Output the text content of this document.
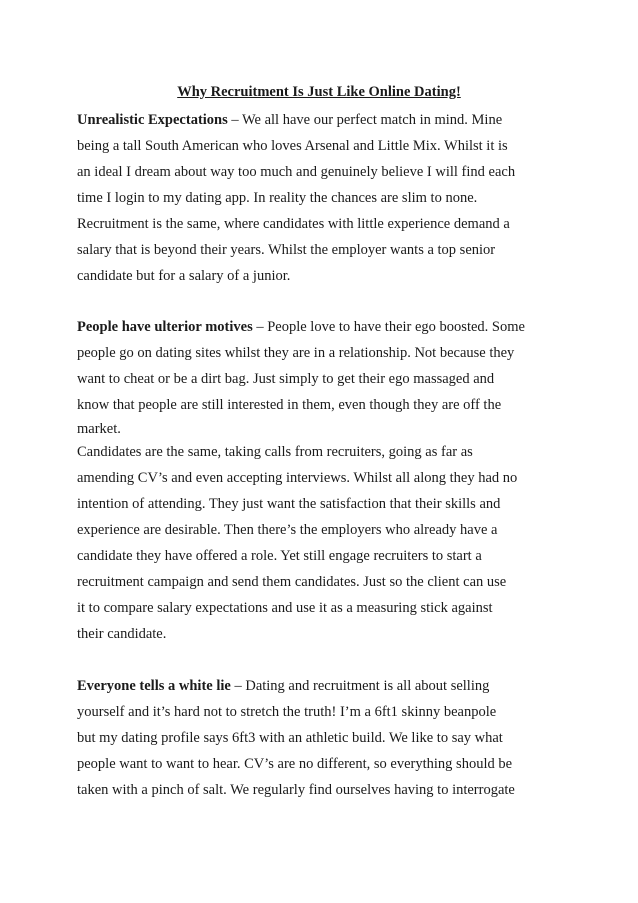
Why Recruitment Is Just Like Online Dating!
Unrealistic Expectations – We all have our perfect match in mind. Mine
being a tall South American who loves Arsenal and Little Mix. Whilst it is
an ideal I dream about way too much and genuinely believe I will find each
time I login to my dating app. In reality the chances are slim to none.
Recruitment is the same, where candidates with little experience demand a
salary that is beyond their years. Whilst the employer wants a top senior
candidate but for a salary of a junior.
People have ulterior motives – People love to have their ego boosted. Some
people go on dating sites whilst they are in a relationship. Not because they
want to cheat or be a dirt bag. Just simply to get their ego massaged and
know that people are still interested in them, even though they are off the
market.
Candidates are the same, taking calls from recruiters, going as far as
amending CV’s and even accepting interviews. Whilst all along they had no
intention of attending. They just want the satisfaction that their skills and
experience are desirable. Then there’s the employers who already have a
candidate they have offered a role. Yet still engage recruiters to start a
recruitment campaign and send them candidates. Just so the client can use
it to compare salary expectations and use it as a measuring stick against
their candidate.
Everyone tells a white lie – Dating and recruitment is all about selling
yourself and it’s hard not to stretch the truth! I’m a 6ft1 skinny beanpole
but my dating profile says 6ft3 with an athletic build. We like to say what
people want to want to hear. CV’s are no different, so everything should be
taken with a pinch of salt. We regularly find ourselves having to interrogate
